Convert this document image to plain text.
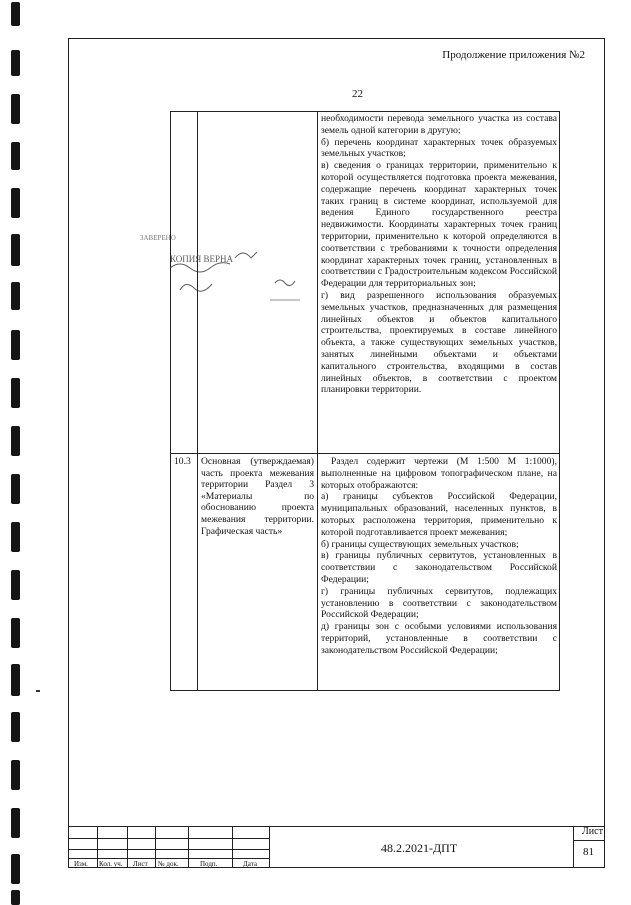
Продолжение приложения №2
22

необходимости перевода земельного участка из состава земель одной категории в другую;

б) перечень координат характерных точек образуемых земельных участков;

в) сведения о границах территории, применительно к которой осуществляется подготовка проекта межевания, содержащие перечень координат характерных точек таких границ в системе координат, используемой для ведения Единого государственного реестра недвижимости. Координаты характерных точек границ территории, применительно к которой определяются в соответствии с требованиями к точности определения координат характерных точек границ, установленных в соответствии с Градостроительным кодексом Российской Федерации для территориальных зон;

г) вид разрешенного использования образуемых земельных участков, предназначенных для размещения линейных объектов и объектов капитального строительства, проектируемых в составе линейного объекта, а также существующих земельных участков, занятых линейными объектами и объектами капитального строительства, входящими в состав линейных объектов, в соответствии с проектом планировки территории.

ЗАВЕРЕНО
КОПИЯ ВЕРНА
10.3 Основная (утверждаемая) часть проекта межевания территории Раздел 3 «Материалы по обоснованию проекта межевания территории. Графическая часть»

Раздел содержит чертежи (М 1:500 М 1:1000), выполненные на цифровом топографическом плане, на которых отображаются:

а) границы субъектов Российской Федерации, муниципальных образований, населенных пунктов, в которых расположена территория, применительно к которой подготавливается проект межевания;

б) границы существующих земельных участков;

в) границы публичных сервитутов, установленных в соответствии с законодательством Российской Федерации;

г) границы публичных сервитутов, подлежащих установлению в соответствии с законодательством Российской Федерации;

д) границы зон с особыми условиями использования территорий, установленные в соответствии с законодательством Российской Федерации;

Изм. Кол. уч. Лист № док.	Подп.	Дата
48.2.2021-ДПТ
Лист
81
